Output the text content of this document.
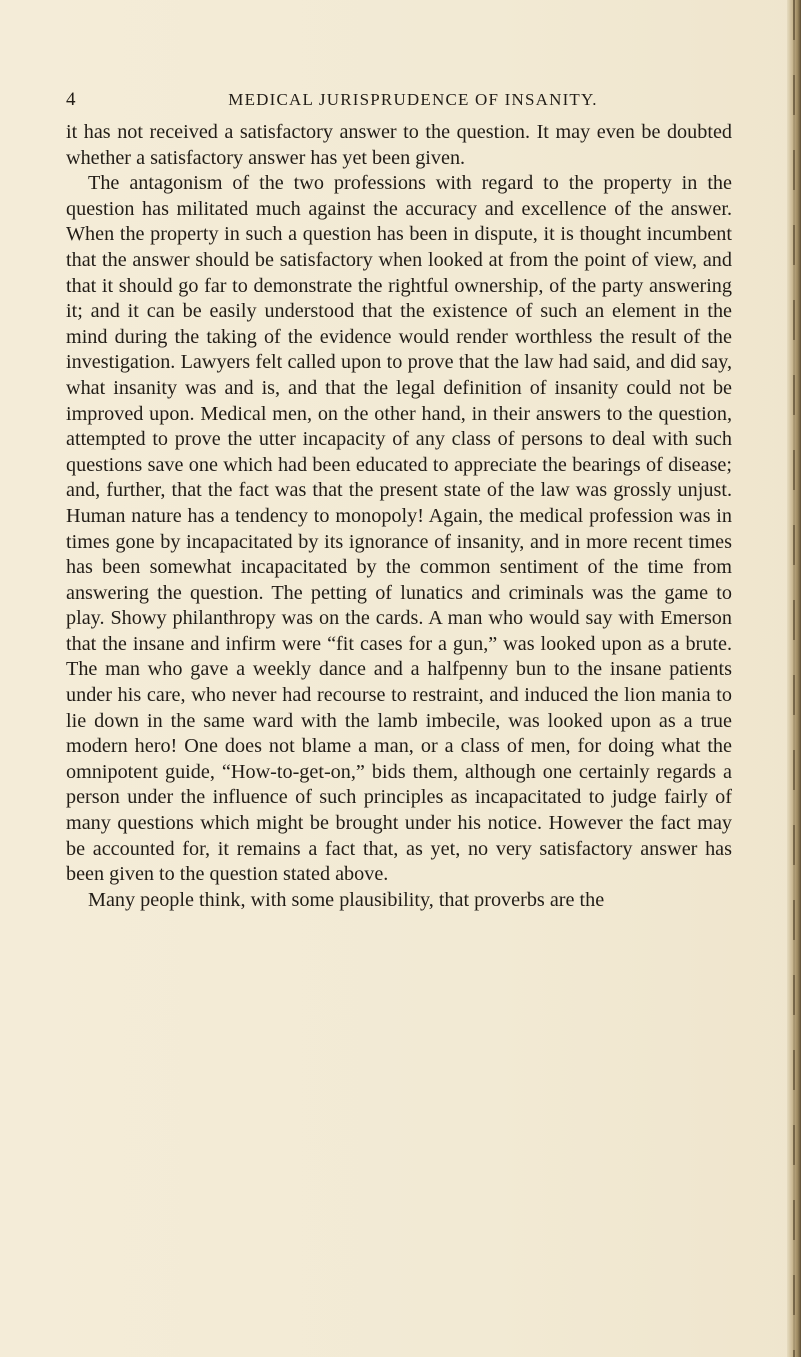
4	MEDICAL JURISPRUDENCE OF INSANITY.

it has not received a satisfactory answer to the question. It may even be doubted whether a satisfactory answer has yet been given.

The antagonism of the two professions with regard to the property in the question has militated much against the accuracy and excellence of the answer. When the property in such a question has been in dispute, it is thought incumbent that the answer should be satisfactory when looked at from the point of view, and that it should go far to demonstrate the rightful ownership, of the party answering it; and it can be easily understood that the existence of such an element in the mind during the taking of the evidence would render worthless the result of the investigation. Lawyers felt called upon to prove that the law had said, and did say, what insanity was and is, and that the legal definition of insanity could not be improved upon. Medical men, on the other hand, in their answers to the question, attempted to prove the utter incapacity of any class of persons to deal with such questions save one which had been educated to appreciate the bearings of disease; and, further, that the fact was that the present state of the law was grossly unjust. Human nature has a tendency to monopoly! Again, the medical profession was in times gone by incapacitated by its ignorance of insanity, and in more recent times has been somewhat incapacitated by the common sentiment of the time from answering the question. The petting of lunatics and criminals was the game to play. Showy philanthropy was on the cards. A man who would say with Emerson that the insane and infirm were “fit cases for a gun,” was looked upon as a brute. The man who gave a weekly dance and a halfpenny bun to the insane patients under his care, who never had recourse to restraint, and induced the lion mania to lie down in the same ward with the lamb imbecile, was looked upon as a true modern hero! One does not blame a man, or a class of men, for doing what the omnipotent guide, “How-to-get-on,” bids them, although one certainly regards a person under the influence of such principles as incapacitated to judge fairly of many questions which might be brought under his notice. However the fact may be accounted for, it remains a fact that, as yet, no very satisfactory answer has been given to the question stated above.

Many people think, with some plausibility, that proverbs are the
